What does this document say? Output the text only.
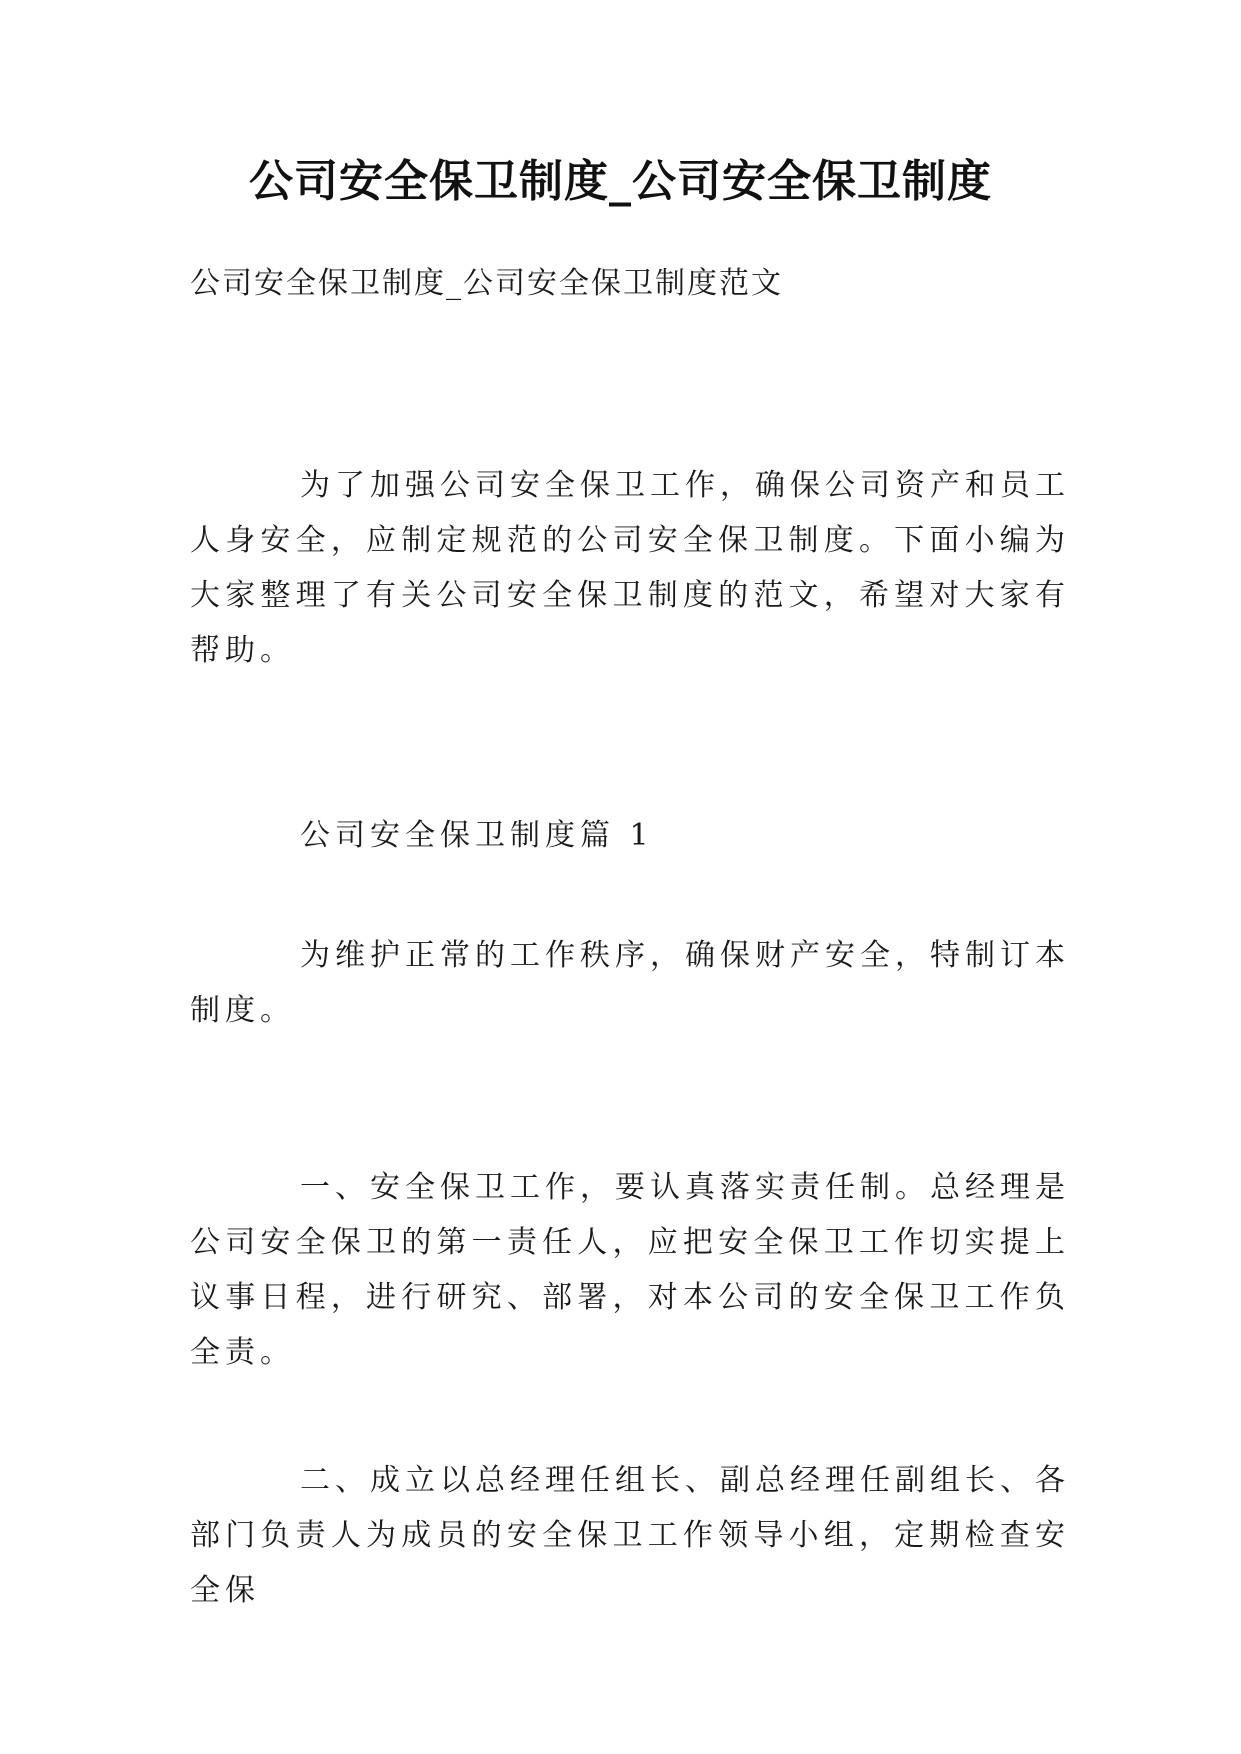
公司安全保卫制度_公司安全保卫制度
公司安全保卫制度_公司安全保卫制度范文

为了加强公司安全保卫工作，确保公司资产和员工人身安全，应制定规范的公司安全保卫制度。下面小编为大家整理了有关公司安全保卫制度的范文，希望对大家有帮助。

公司安全保卫制度篇 1

为维护正常的工作秩序，确保财产安全，特制订本制度。

一、安全保卫工作，要认真落实责任制。总经理是公司安全保卫的第一责任人，应把安全保卫工作切实提上议事日程，进行研究、部署，对本公司的安全保卫工作负全责。

二、成立以总经理任组长、副总经理任副组长、各部门负责人为成员的安全保卫工作领导小组，定期检查安全保
